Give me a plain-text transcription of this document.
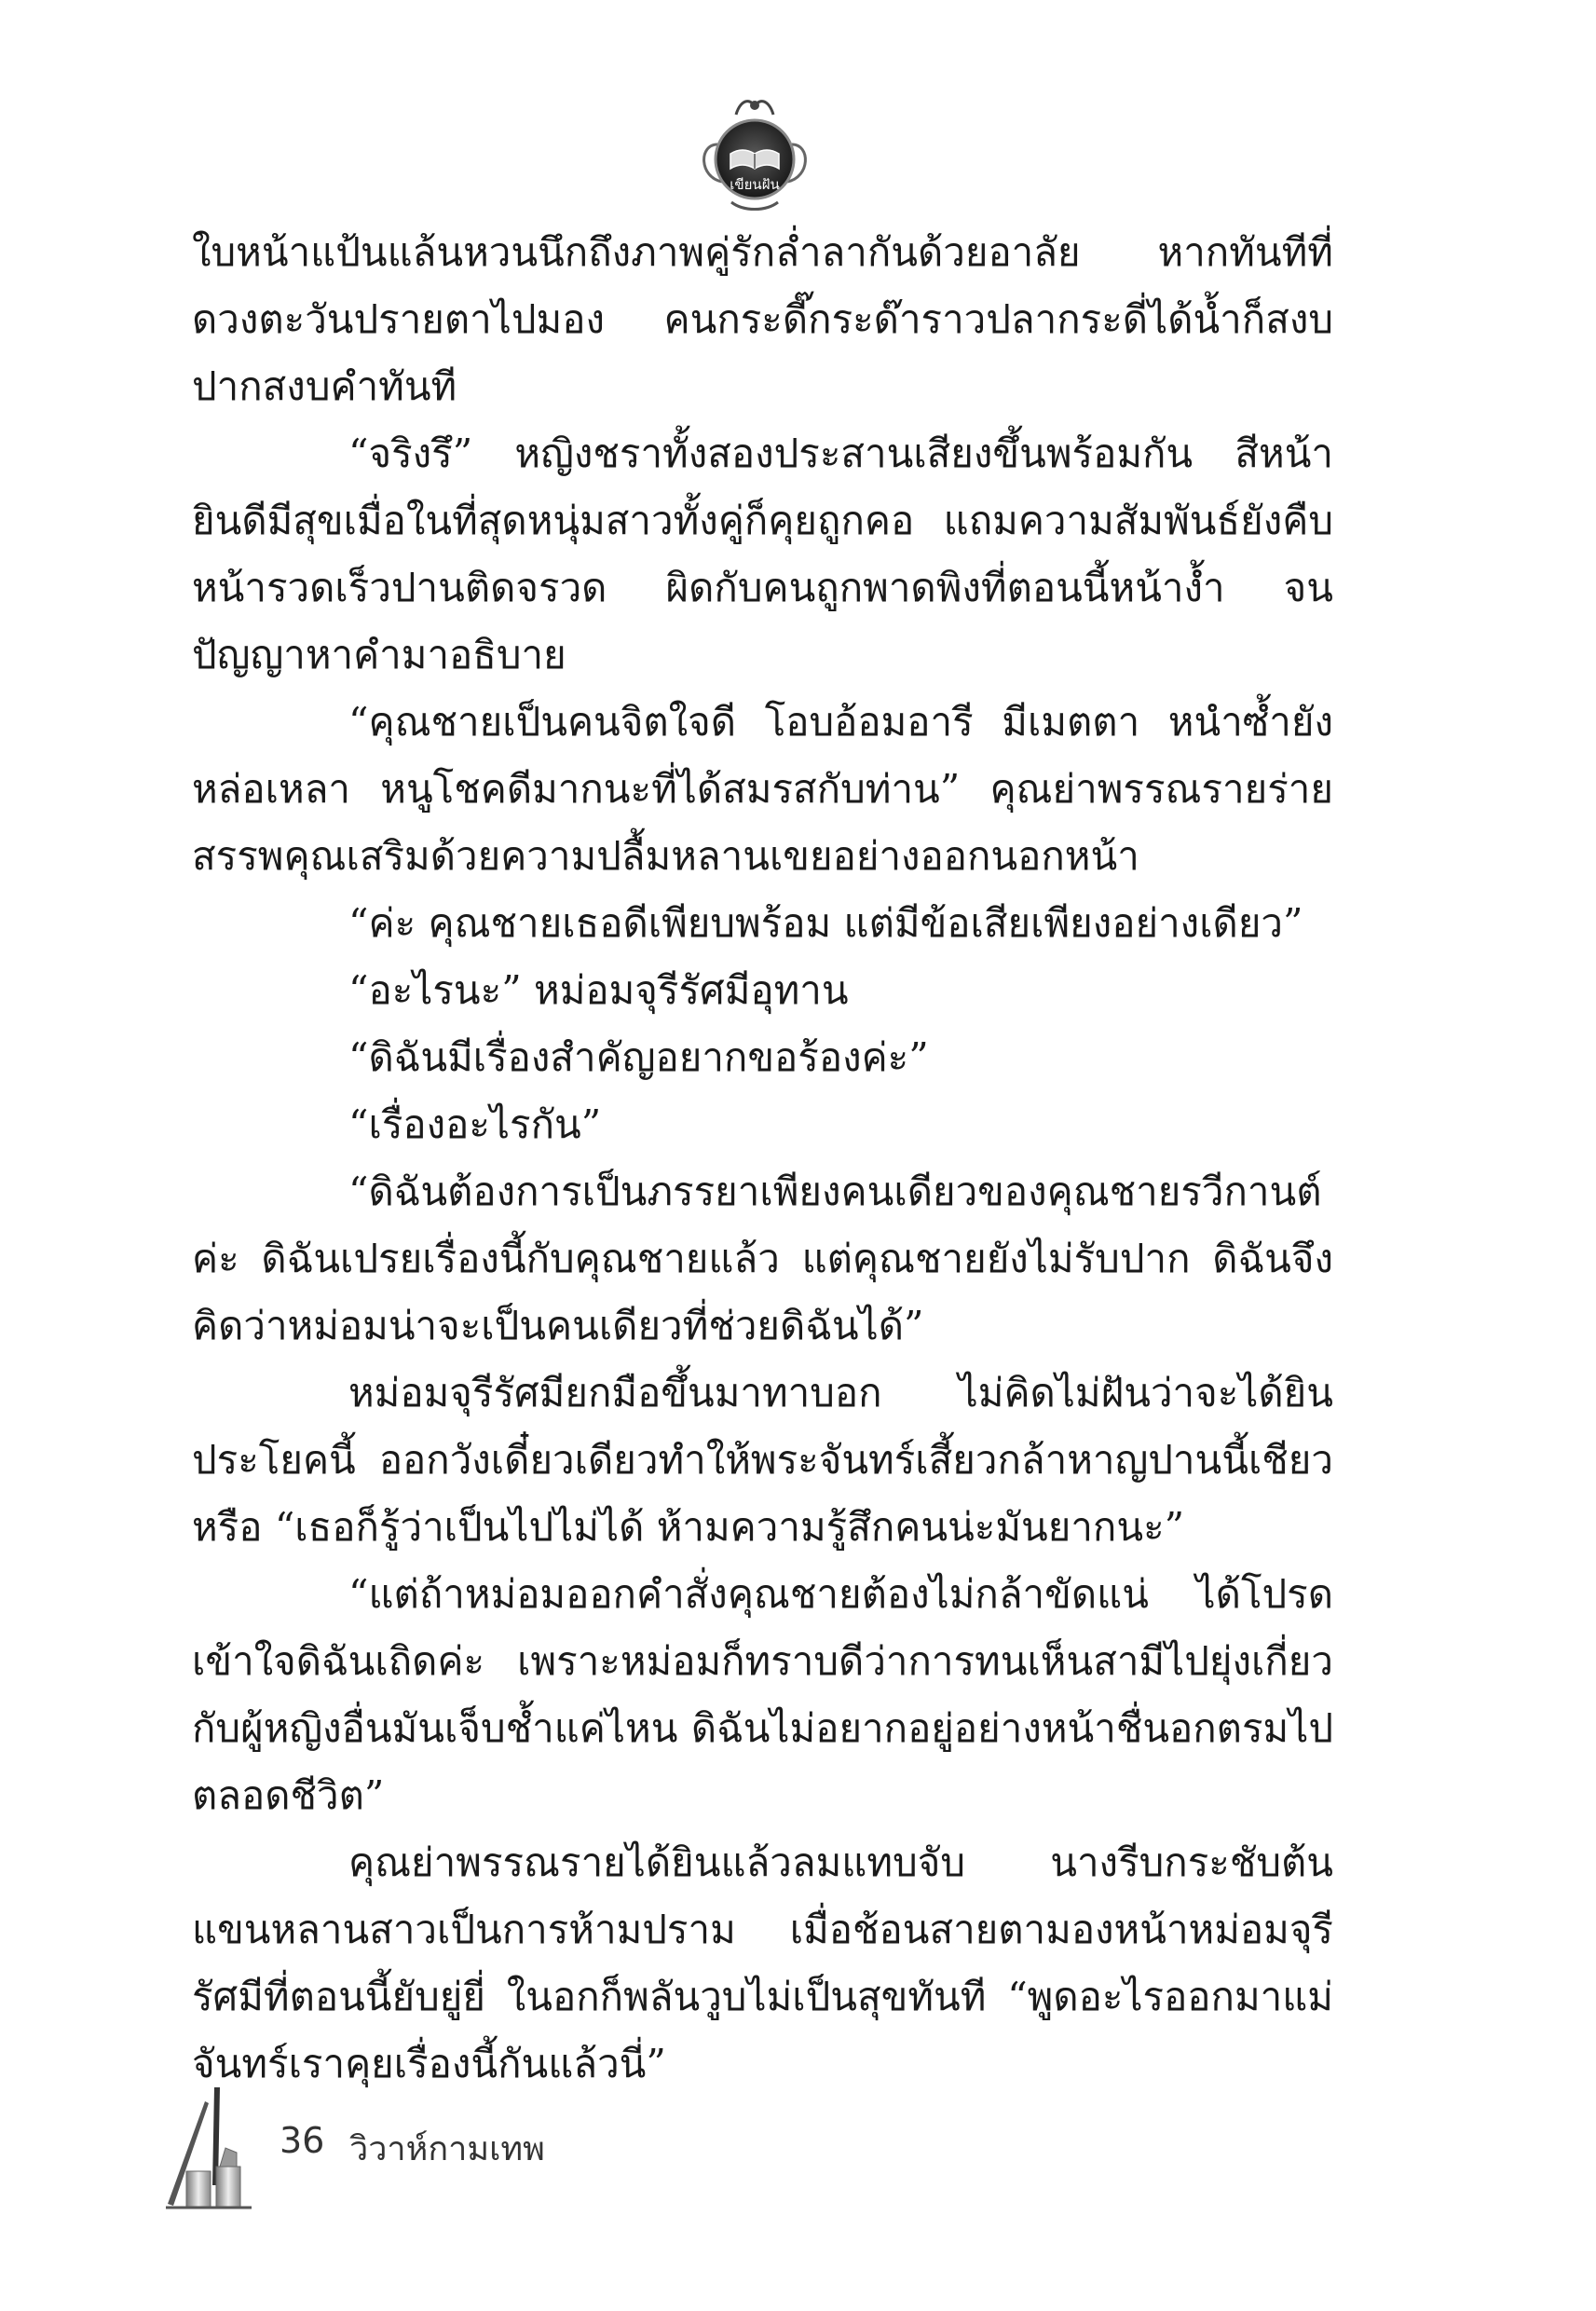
เขียนฝัน

ใบหน้าแป้นแล้นหวนนึกถึงภาพคู่รักล่ำลากันด้วยอาลัย หากทันทีที่ดวงตะวันปรายตาไปมอง คนกระดี๊กระด๊าราวปลากระดี่ได้น้ำก็สงบปากสงบคำทันที

“จริงรึ” หญิงชราทั้งสองประสานเสียงขึ้นพร้อมกัน สีหน้ายินดีมีสุขเมื่อในที่สุดหนุ่มสาวทั้งคู่ก็คุยถูกคอ แถมความสัมพันธ์ยังคืบหน้ารวดเร็วปานติดจรวด ผิดกับคนถูกพาดพิงที่ตอนนี้หน้าง้ำ จนปัญญาหาคำมาอธิบาย

“คุณชายเป็นคนจิตใจดี โอบอ้อมอารี มีเมตตา หนำซ้ำยังหล่อเหลา หนูโชคดีมากนะที่ได้สมรสกับท่าน” คุณย่าพรรณรายร่ายสรรพคุณเสริมด้วยความปลื้มหลานเขยอย่างออกนอกหน้า

“ค่ะ คุณชายเธอดีเพียบพร้อม แต่มีข้อเสียเพียงอย่างเดียว”

“อะไรนะ” หม่อมจุรีรัศมีอุทาน

“ดิฉันมีเรื่องสำคัญอยากขอร้องค่ะ”

“เรื่องอะไรกัน”

“ดิฉันต้องการเป็นภรรยาเพียงคนเดียวของคุณชายรวีกานต์ค่ะ ดิฉันเปรยเรื่องนี้กับคุณชายแล้ว แต่คุณชายยังไม่รับปาก ดิฉันจึงคิดว่าหม่อมน่าจะเป็นคนเดียวที่ช่วยดิฉันได้”

หม่อมจุรีรัศมียกมือขึ้นมาทาบอก ไม่คิดไม่ฝันว่าจะได้ยินประโยคนี้ ออกวังเดี๋ยวเดียวทำให้พระจันทร์เสี้ยวกล้าหาญปานนี้เชียวหรือ “เธอก็รู้ว่าเป็นไปไม่ได้ ห้ามความรู้สึกคนน่ะมันยากนะ”

“แต่ถ้าหม่อมออกคำสั่งคุณชายต้องไม่กล้าขัดแน่ ได้โปรดเข้าใจดิฉันเถิดค่ะ เพราะหม่อมก็ทราบดีว่าการทนเห็นสามีไปยุ่งเกี่ยวกับผู้หญิงอื่นมันเจ็บช้ำแค่ไหน ดิฉันไม่อยากอยู่อย่างหน้าชื่นอกตรมไปตลอดชีวิต”

คุณย่าพรรณรายได้ยินแล้วลมแทบจับ นางรีบกระชับต้นแขนหลานสาวเป็นการห้ามปราม เมื่อช้อนสายตามองหน้าหม่อมจุรีรัศมีที่ตอนนี้ยับยู่ยี่ ในอกก็พลันวูบไม่เป็นสุขทันที “พูดอะไรออกมาแม่จันทร์เราคุยเรื่องนี้กันแล้วนี่”

36 วิวาห์กามเทพ
